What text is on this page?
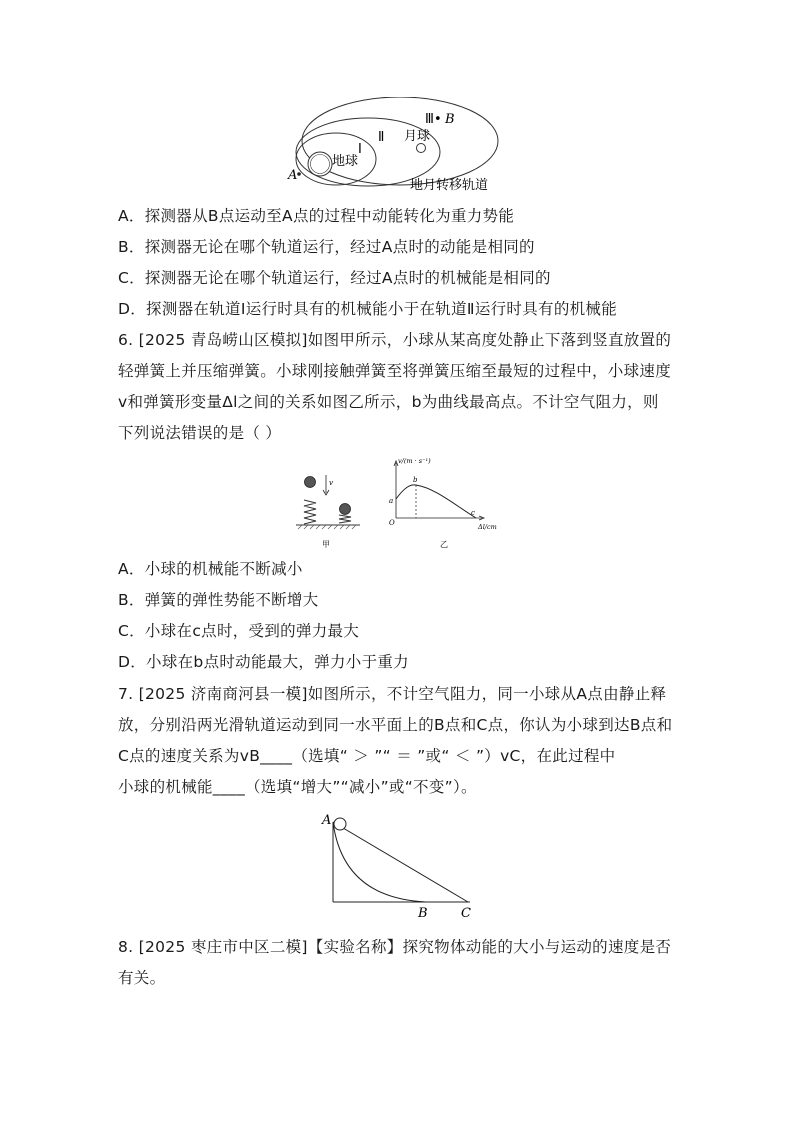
Ⅰ
Ⅱ
Ⅲ• B
A
地球
月球
地月转移轨道
A．探测器从B点运动至A点的过程中动能转化为重力势能
B．探测器无论在哪个轨道运行，经过A点时的动能是相同的
C．探测器无论在哪个轨道运行，经过A点时的机械能是相同的
D．探测器在轨道Ⅰ运行时具有的机械能小于在轨道Ⅱ运行时具有的机械能
6. [2025 青岛崂山区模拟]如图甲所示，小球从某高度处静止下落到竖直放置的
轻弹簧上并压缩弹簧。小球刚接触弹簧至将弹簧压缩至最短的过程中，小球速度
v和弹簧形变量Δl之间的关系如图乙所示，b为曲线最高点。不计空气阻力，则
下列说法错误的是（ ）
v
甲
v/(m · s⁻¹)
Δl/cm
O
a
b
c
乙
A．小球的机械能不断减小
B．弹簧的弹性势能不断增大
C．小球在c点时，受到的弹力最大
D．小球在b点时动能最大，弹力小于重力
7. [2025 济南商河县一模]如图所示，不计空气阻力，同一小球从A点由静止释
放，分别沿两光滑轨道运动到同一水平面上的B点和C点，你认为小球到达B点和
C点的速度关系为vB____（选填“ ＞ ”“ ＝ ”或“ ＜ ”）vC，在此过程中
小球的机械能____（选填“增大”“减小”或“不变”）。
A
B	C
8. [2025 枣庄市中区二模]【实验名称】探究物体动能的大小与运动的速度是否
有关。
